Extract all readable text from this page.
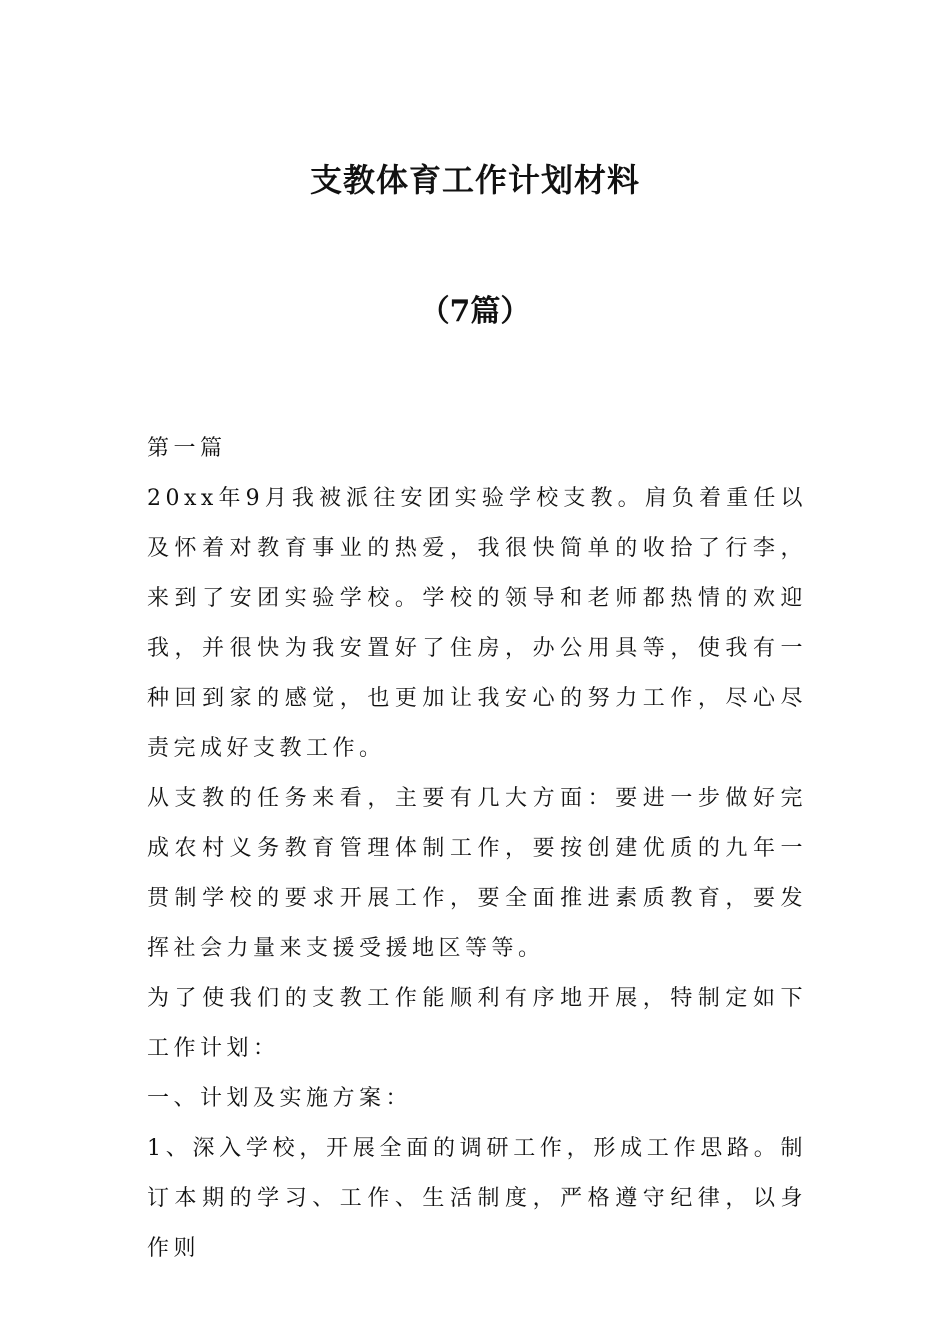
支教体育工作计划材料
（7篇）

第一篇

20xx年9月我被派往安团实验学校支教。肩负着重任以及怀着对教育事业的热爱，我很快简单的收拾了行李，来到了安团实验学校。学校的领导和老师都热情的欢迎我，并很快为我安置好了住房，办公用具等，使我有一种回到家的感觉，也更加让我安心的努力工作，尽心尽责完成好支教工作。

从支教的任务来看，主要有几大方面：要进一步做好完成农村义务教育管理体制工作，要按创建优质的九年一贯制学校的要求开展工作，要全面推进素质教育，要发挥社会力量来支援受援地区等等。

为了使我们的支教工作能顺利有序地开展，特制定如下工作计划：

一、计划及实施方案：

1、深入学校，开展全面的调研工作，形成工作思路。制订本期的学习、工作、生活制度，严格遵守纪律，以身作则
